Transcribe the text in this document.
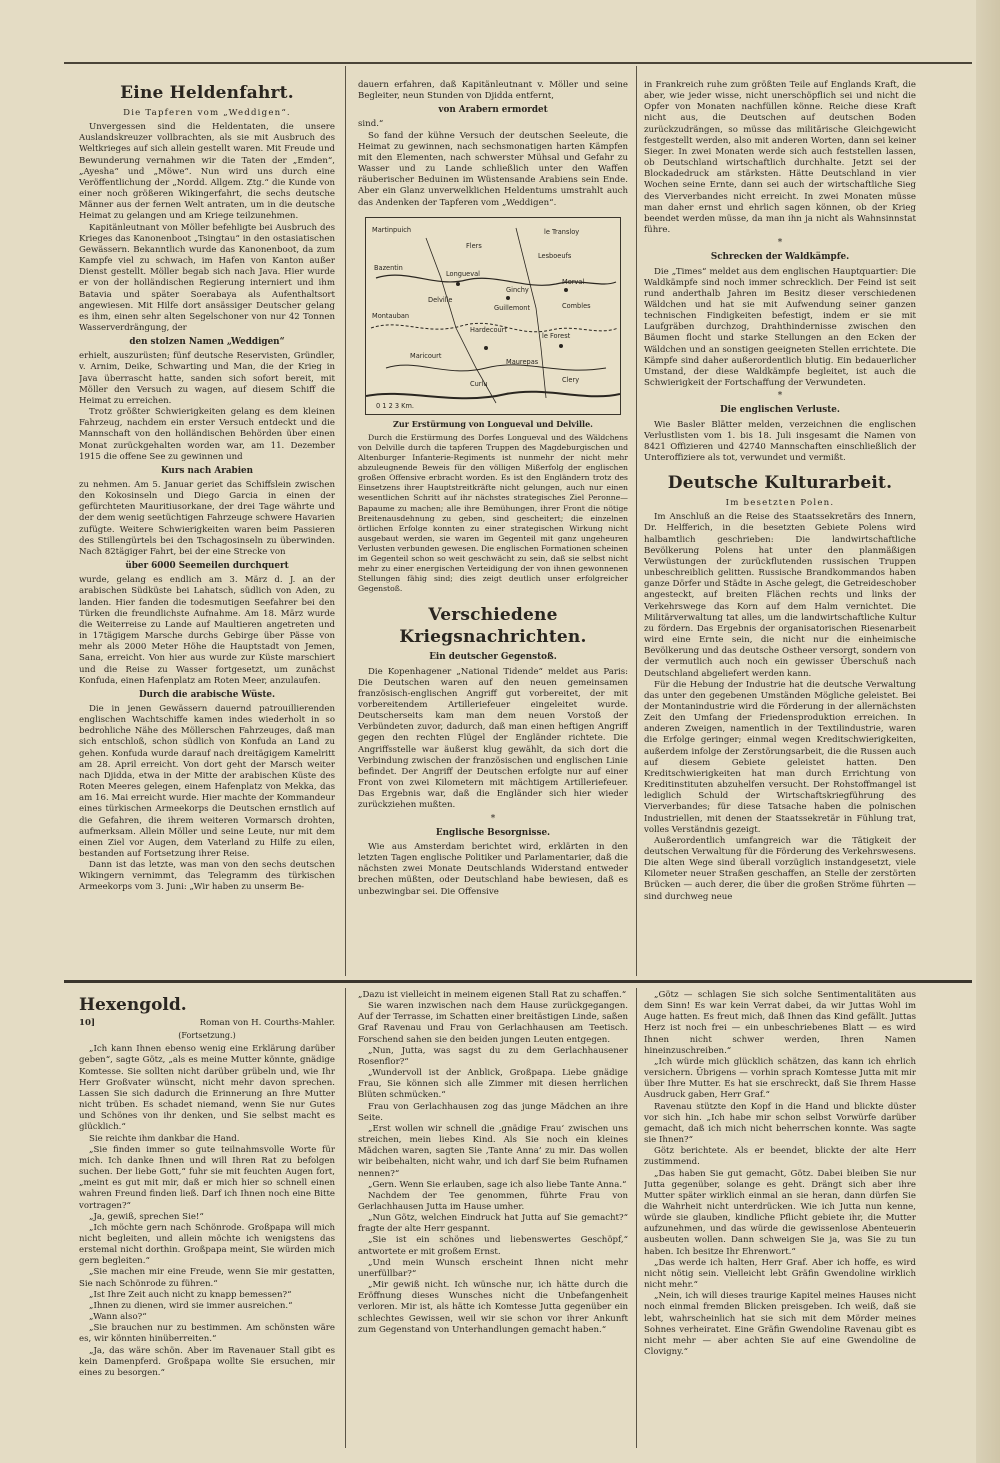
Eine Heldenfahrt.
Die Tapferen vom „Weddigen“.

Unvergessen sind die Heldentaten, die unsere Auslandskreuzer vollbrachten, als sie mit Ausbruch des Weltkrieges auf sich allein gestellt waren. Mit Freude und Bewunderung vernahmen wir die Taten der „Emden“, „Ayesha“ und „Möwe“. Nun wird uns durch eine Veröffentlichung der „Nordd. Allgem. Ztg.“ die Kunde von einer noch größeren Wikingerfahrt, die sechs deutsche Männer aus der fernen Welt antraten, um in die deutsche Heimat zu gelangen und am Kriege teilzunehmen.

Kapitänleutnant von Möller befehligte bei Ausbruch des Krieges das Kanonenboot „Tsingtau“ in den ostasiatischen Gewässern. Bekanntlich wurde das Kanonenboot, da zum Kampfe viel zu schwach, im Hafen von Kanton außer Dienst gestellt. Möller begab sich nach Java. Hier wurde er von der holländischen Regierung interniert und ihm Batavia und später Soerabaya als Aufenthaltsort angewiesen. Mit Hilfe dort ansässiger Deutscher gelang es ihm, einen sehr alten Segelschoner von nur 42 Tonnen Wasserverdrängung, der

den stolzen Namen „Weddigen“

erhielt, auszurüsten; fünf deutsche Reservisten, Gründler, v. Arnim, Deike, Schwarting und Man, die der Krieg in Java überrascht hatte, sanden sich sofort bereit, mit Möller den Versuch zu wagen, auf diesem Schiff die Heimat zu erreichen.

Trotz größter Schwierigkeiten gelang es dem kleinen Fahrzeug, nachdem ein erster Versuch entdeckt und die Mannschaft von den holländischen Behörden über einen Monat zurückgehalten worden war, am 11. Dezember 1915 die offene See zu gewinnen und

Kurs nach Arabien

zu nehmen. Am 5. Januar geriet das Schiffslein zwischen den Kokosinseln und Diego Garcia in einen der gefürchteten Mauritiusorkane, der drei Tage währte und der dem wenig seetüchtigen Fahrzeuge schwere Havarien zufügte. Weitere Schwierigkeiten waren beim Passieren des Stillengürtels bei den Tschagosinseln zu überwinden. Nach 82tägiger Fahrt, bei der eine Strecke von

über 6000 Seemeilen durchquert

wurde, gelang es endlich am 3. März d. J. an der arabischen Südküste bei Lahatsch, südlich von Aden, zu landen. Hier fanden die todesmutigen Seefahrer bei den Türken die freundlichste Aufnahme. Am 18. März wurde die Weiterreise zu Lande auf Maultieren angetreten und in 17tägigem Marsche durchs Gebirge über Pässe von mehr als 2000 Meter Höhe die Hauptstadt von Jemen, Sana, erreicht. Von hier aus wurde zur Küste marschiert und die Reise zu Wasser fortgesetzt, um zunächst Konfuda, einen Hafenplatz am Roten Meer, anzulaufen.

Durch die arabische Wüste.

Die in jenen Gewässern dauernd patrouillierenden englischen Wachtschiffe kamen indes wiederholt in so bedrohliche Nähe des Möllerschen Fahrzeuges, daß man sich entschloß, schon südlich von Konfuda an Land zu gehen. Konfuda wurde darauf nach dreitägigem Kamelritt am 28. April erreicht. Von dort geht der Marsch weiter nach Djidda, etwa in der Mitte der arabischen Küste des Roten Meeres gelegen, einem Hafenplatz von Mekka, das am 16. Mai erreicht wurde. Hier machte der Kommandeur eines türkischen Armeekorps die Deutschen ernstlich auf die Gefahren, die ihrem weiteren Vormarsch drohten, aufmerksam. Allein Möller und seine Leute, nur mit dem einen Ziel vor Augen, dem Vaterland zu Hilfe zu eilen, bestanden auf Fortsetzung ihrer Reise.

Dann ist das letzte, was man von den sechs deutschen Wikingern vernimmt, das Telegramm des türkischen Armeekorps vom 3. Juni: „Wir haben zu unserm Be-

dauern erfahren, daß Kapitänleutnant v. Möller und seine Begleiter, neun Stunden von Djidda entfernt,

von Arabern ermordet

sind.“

So fand der kühne Versuch der deutschen Seeleute, die Heimat zu gewinnen, nach sechsmonatigen harten Kämpfen mit den Elementen, nach schwerster Mühsal und Gefahr zu Wasser und zu Lande schließlich unter den Waffen räuberischer Beduinen im Wüstensande Arabiens sein Ende. Aber ein Glanz unverwelklichen Heldentums umstrahlt auch das Andenken der Tapferen vom „Weddigen“.

Martinpuich	le Transloy
Flers
Lesboeufs
Bazentin
Longueval
Ginchy
Morval
Guillemont	Combles
Montauban
Hardecourt
le Forest
Maricourt
Maurepas
Curlu	Clery
Delville
0 1 2 3 Km.
Zur Erstürmung von Longueval und Delville.

Durch die Erstürmung des Dorfes Longueval und des Wäldchens von Delville durch die tapferen Truppen des Magdeburgischen und Altenburger Infanterie-Regiments ist nunmehr der nicht mehr abzuleugnende Beweis für den völligen Mißerfolg der englischen großen Offensive erbracht worden. Es ist den Engländern trotz des Einsetzens ihrer Hauptstreitkräfte nicht gelungen, auch nur einen wesentlichen Schritt auf ihr nächstes strategisches Ziel Peronne—Bapaume zu machen; alle ihre Bemühungen, ihrer Front die nötige Breitenausdehnung zu geben, sind gescheitert; die einzelnen örtlichen Erfolge konnten zu einer strategischen Wirkung nicht ausgebaut werden, sie waren im Gegenteil mit ganz ungeheuren Verlusten verbunden gewesen. Die englischen Formationen scheinen im Gegenteil schon so weit geschwächt zu sein, daß sie selbst nicht mehr zu einer energischen Verteidigung der von ihnen gewonnenen Stellungen fähig sind; dies zeigt deutlich unser erfolgreicher Gegenstoß.

Verschiedene Kriegsnachrichten.
Ein deutscher Gegenstoß.

Die Kopenhagener „National Tidende“ meldet aus Paris: Die Deutschen waren auf den neuen gemeinsamen französisch-englischen Angriff gut vorbereitet, der mit vorbereitendem Artilleriefeuer eingeleitet wurde. Deutscherseits kam man dem neuen Vorstoß der Verbündeten zuvor, dadurch, daß man einen heftigen Angriff gegen den rechten Flügel der Engländer richtete. Die Angriffsstelle war äußerst klug gewählt, da sich dort die Verbindung zwischen der französischen und englischen Linie befindet. Der Angriff der Deutschen erfolgte nur auf einer Front von zwei Kilometern mit mächtigem Artilleriefeuer. Das Ergebnis war, daß die Engländer sich hier wieder zurückziehen mußten.

*
Englische Besorgnisse.

Wie aus Amsterdam berichtet wird, erklärten in den letzten Tagen englische Politiker und Parlamentarier, daß die nächsten zwei Monate Deutschlands Widerstand entweder brechen müßten, oder Deutschland habe bewiesen, daß es unbezwingbar sei. Die Offensive

in Frankreich ruhe zum größten Teile auf Englands Kraft, die aber, wie jeder wisse, nicht unerschöpflich sei und nicht die Opfer von Monaten nachfüllen könne. Reiche diese Kraft nicht aus, die Deutschen auf deutschen Boden zurückzudrängen, so müsse das militärische Gleichgewicht festgestellt werden, also mit anderen Worten, dann sei keiner Sieger. In zwei Monaten werde sich auch feststellen lassen, ob Deutschland wirtschaftlich durchhalte. Jetzt sei der Blockadedruck am stärksten. Hätte Deutschland in vier Wochen seine Ernte, dann sei auch der wirtschaftliche Sieg des Vierverbandes nicht erreicht. In zwei Monaten müsse man daher ernst und ehrlich sagen können, ob der Krieg beendet werden müsse, da man ihn ja nicht als Wahnsinnstat führe.

*
Schrecken der Waldkämpfe.

Die „Times“ meldet aus dem englischen Hauptquartier: Die Waldkämpfe sind noch immer schrecklich. Der Feind ist seit rund anderthalb Jahren im Besitz dieser verschiedenen Wäldchen und hat sie mit Aufwendung seiner ganzen technischen Findigkeiten befestigt, indem er sie mit Laufgräben durchzog, Drahthindernisse zwischen den Bäumen flocht und starke Stellungen an den Ecken der Wäldchen und an sonstigen geeigneten Stellen errichtete. Die Kämpfe sind daher außerordentlich blutig. Ein bedauerlicher Umstand, der diese Waldkämpfe begleitet, ist auch die Schwierigkeit der Fortschaffung der Verwundeten.

*
Die englischen Verluste.

Wie Basler Blätter melden, verzeichnen die englischen Verlustlisten vom 1. bis 18. Juli insgesamt die Namen von 8421 Offizieren und 42740 Mannschaften einschließlich der Unteroffiziere als tot, verwundet und vermißt.

Deutsche Kulturarbeit.
Im besetzten Polen.

Im Anschluß an die Reise des Staatssekretärs des Innern, Dr. Helfferich, in die besetzten Gebiete Polens wird halbamtlich geschrieben: Die landwirtschaftliche Bevölkerung Polens hat unter den planmäßigen Verwüstungen der zurückflutenden russischen Truppen unbeschreiblich gelitten. Russische Brandkommandos haben ganze Dörfer und Städte in Asche gelegt, die Getreideschober angesteckt, auf breiten Flächen rechts und links der Verkehrswege das Korn auf dem Halm vernichtet. Die Militärverwaltung tat alles, um die landwirtschaftliche Kultur zu fördern. Das Ergebnis der organisatorischen Riesenarbeit wird eine Ernte sein, die nicht nur die einheimische Bevölkerung und das deutsche Ostheer versorgt, sondern von der vermutlich auch noch ein gewisser Überschuß nach Deutschland abgeliefert werden kann.

Für die Hebung der Industrie hat die deutsche Verwaltung das unter den gegebenen Umständen Mögliche geleistet. Bei der Montanindustrie wird die Förderung in der allernächsten Zeit den Umfang der Friedensproduktion erreichen. In anderen Zweigen, namentlich in der Textilindustrie, waren die Erfolge geringer; einmal wegen Kreditschwierigkeiten, außerdem infolge der Zerstörungsarbeit, die die Russen auch auf diesem Gebiete geleistet hatten. Den Kreditschwierigkeiten hat man durch Errichtung von Kreditinstituten abzuhelfen versucht. Der Rohstoffmangel ist lediglich Schuld der Wirtschaftskriegführung des Vierverbandes; für diese Tatsache haben die polnischen Industriellen, mit denen der Staatssekretär in Fühlung trat, volles Verständnis gezeigt.

Außerordentlich umfangreich war die Tätigkeit der deutschen Verwaltung für die Förderung des Verkehrswesens. Die alten Wege sind überall vorzüglich instandgesetzt, viele Kilometer neuer Straßen geschaffen, an Stelle der zerstörten Brücken — auch derer, die über die großen Ströme führten — sind durchweg neue

Hexengold.
10]	Roman von H. Courths-Mahler.
(Fortsetzung.)

„Ich kann Ihnen ebenso wenig eine Erklärung darüber geben“, sagte Götz, „als es meine Mutter könnte, gnädige Komtesse. Sie sollten nicht darüber grübeln und, wie Ihr Herr Großvater wünscht, nicht mehr davon sprechen. Lassen Sie sich dadurch die Erinnerung an Ihre Mutter nicht trüben. Es schadet niemand, wenn Sie nur Gutes und Schönes von ihr denken, und Sie selbst macht es glücklich.“

Sie reichte ihm dankbar die Hand.

„Sie finden immer so gute teilnahmsvolle Worte für mich. Ich danke Ihnen und will Ihren Rat zu befolgen suchen. Der liebe Gott,“ fuhr sie mit feuchten Augen fort, „meint es gut mit mir, daß er mich hier so schnell einen wahren Freund finden ließ. Darf ich Ihnen noch eine Bitte vortragen?“

„Ja, gewiß, sprechen Sie!“

„Ich möchte gern nach Schönrode. Großpapa will mich nicht begleiten, und allein möchte ich wenigstens das erstemal nicht dorthin. Großpapa meint, Sie würden mich gern begleiten.“

„Sie machen mir eine Freude, wenn Sie mir gestatten, Sie nach Schönrode zu führen.“

„Ist Ihre Zeit auch nicht zu knapp bemessen?“

„Ihnen zu dienen, wird sie immer ausreichen.“

„Wann also?“

„Sie brauchen nur zu bestimmen. Am schönsten wäre es, wir könnten hinüberreiten.“

„Ja, das wäre schön. Aber im Ravenauer Stall gibt es kein Damenpferd. Großpapa wollte Sie ersuchen, mir eines zu besorgen.“

„Dazu ist vielleicht in meinem eigenen Stall Rat zu schaffen.“

Sie waren inzwischen nach dem Hause zurückgegangen. Auf der Terrasse, im Schatten einer breitästigen Linde, saßen Graf Ravenau und Frau von Gerlachhausen am Teetisch. Forschend sahen sie den beiden jungen Leuten entgegen.

„Nun, Jutta, was sagst du zu dem Gerlachhausener Rosenflor?“

„Wundervoll ist der Anblick, Großpapa. Liebe gnädige Frau, Sie können sich alle Zimmer mit diesen herrlichen Blüten schmücken.“

Frau von Gerlachhausen zog das junge Mädchen an ihre Seite.

„Erst wollen wir schnell die ‚gnädige Frau‘ zwischen uns streichen, mein liebes Kind. Als Sie noch ein kleines Mädchen waren, sagten Sie ‚Tante Anna‘ zu mir. Das wollen wir beibehalten, nicht wahr, und ich darf Sie beim Rufnamen nennen?“

„Gern. Wenn Sie erlauben, sage ich also liebe Tante Anna.“

Nachdem der Tee genommen, führte Frau von Gerlachhausen Jutta im Hause umher.

„Nun Götz, welchen Eindruck hat Jutta auf Sie gemacht?“ fragte der alte Herr gespannt.

„Sie ist ein schönes und liebenswertes Geschöpf,“ antwortete er mit großem Ernst.

„Und mein Wunsch erscheint Ihnen nicht mehr unerfüllbar?“

„Mir gewiß nicht. Ich wünsche nur, ich hätte durch die Eröffnung dieses Wunsches nicht die Unbefangenheit verloren. Mir ist, als hätte ich Komtesse Jutta gegenüber ein schlechtes Gewissen, weil wir sie schon vor ihrer Ankunft zum Gegenstand von Unterhandlungen gemacht haben.“

„Götz — schlagen Sie sich solche Sentimentalitäten aus dem Sinn! Es war kein Verrat dabei, da wir Juttas Wohl im Auge hatten. Es freut mich, daß Ihnen das Kind gefällt. Juttas Herz ist noch frei — ein unbeschriebenes Blatt — es wird Ihnen nicht schwer werden, Ihren Namen hineinzuschreiben.“

„Ich würde mich glücklich schätzen, das kann ich ehrlich versichern. Übrigens — vorhin sprach Komtesse Jutta mit mir über Ihre Mutter. Es hat sie erschreckt, daß Sie Ihrem Hasse Ausdruck gaben, Herr Graf.“

Ravenau stützte den Kopf in die Hand und blickte düster vor sich hin. „Ich habe mir schon selbst Vorwürfe darüber gemacht, daß ich mich nicht beherrschen konnte. Was sagte sie Ihnen?“

Götz berichtete. Als er beendet, blickte der alte Herr zustimmend.

„Das haben Sie gut gemacht, Götz. Dabei bleiben Sie nur Jutta gegenüber, solange es geht. Drängt sich aber ihre Mutter später wirklich einmal an sie heran, dann dürfen Sie die Wahrheit nicht unterdrücken. Wie ich Jutta nun kenne, würde sie glauben, kindliche Pflicht gebiete ihr, die Mutter aufzunehmen, und das würde die gewissenlose Abenteuerin ausbeuten wollen. Dann schweigen Sie ja, was Sie zu tun haben. Ich besitze Ihr Ehrenwort.“

„Das werde ich halten, Herr Graf. Aber ich hoffe, es wird nicht nötig sein. Vielleicht lebt Gräfin Gwendoline wirklich nicht mehr.“

„Nein, ich will dieses traurige Kapitel meines Hauses nicht noch einmal fremden Blicken preisgeben. Ich weiß, daß sie lebt, wahrscheinlich hat sie sich mit dem Mörder meines Sohnes verheiratet. Eine Gräfin Gwendoline Ravenau gibt es nicht mehr — aber achten Sie auf eine Gwendoline de Clovigny.“
